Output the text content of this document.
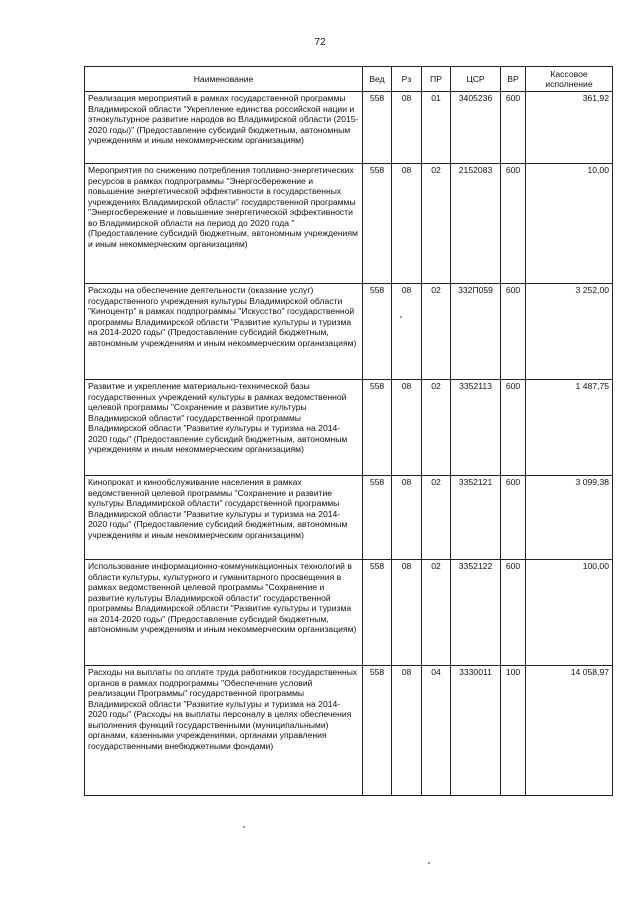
72
Наименование	Вед	Рз	ПР	ЦСР	ВР	Кассовое исполнение
Реализация мероприятий в рамках государственной программы Владимирской области "Укрепление единства российской нации и этнокультурное развитие народов во Владимирской области (2015-2020 годы)" (Предоставление субсидий бюджетным, автономным учреждениям и иным некоммерческим организациям)	558	08	01	3405236	600	361,92
Мероприятия по снижению потребления топливно-энергетических ресурсов в рамках подпрограммы "Энергосбережение и повышение энергетической эффективности в государственных учреждениях Владимирской области" государственной программы "Энергосбережение и повышение энергетической эффективности во Владимирской области на период до 2020 года " (Предоставление субсидий бюджетным, автономным учреждениям и иным некоммерческим организациям)	558	08	02	2152083	600	10,00
Расходы на обеспечение деятельности (оказание услуг) государственного учреждения культуры Владимирской области "Киноцентр" в рамках подпрограммы "Искусство" государственной программы Владимирской области "Развитие культуры и туризма на 2014-2020 годы" (Предоставление субсидий бюджетным, автономным учреждениям и иным некоммерческим организациям)	558	08	02	332П059	600	3 252,00
Развитие и укрепление материально-технической базы государственных учреждений культуры в рамках ведомственной целевой программы "Сохранение и развитие культуры Владимирской области" государственной программы Владимирской области "Развитие культуры и туризма на 2014-2020 годы" (Предоставление субсидий бюджетным, автономным учреждениям и иным некоммерческим организациям)	558	08	02	3352113	600	1 487,75
Кинопрокат и кинообслуживание населения в рамках ведомственной целевой программы "Сохранение и развитие культуры Владимирской области" государственной программы Владимирской области "Развитие культуры и туризма на 2014-2020 годы" (Предоставление субсидий бюджетным, автономным учреждениям и иным некоммерческим организациям)	558	08	02	3352121	600	3 099,38
Использование информационно-коммуникационных технологий в области культуры, культурного и гуманитарного просвещения в рамках ведомственной целевой программы "Сохранение и развитие культуры Владимирской области" государственной программы Владимирской области "Развитие культуры и туризма на 2014-2020 годы" (Предоставление субсидий бюджетным, автономным учреждениям и иным некоммерческим организациям)	558	08	02	3352122	600	100,00
Расходы на выплаты по оплате труда работников государственных органов в рамках подпрограммы "Обеспечение условий реализации Программы" государственной программы Владимирской области "Развитие культуры и туризма на 2014-2020 годы" (Расходы на выплаты персоналу в целях обеспечения выполнения функций государственными (муниципальными) органами, казенными учреждениями, органами управления государственными внебюджетными фондами)	558	08	04	3330011	100	14 058,97
